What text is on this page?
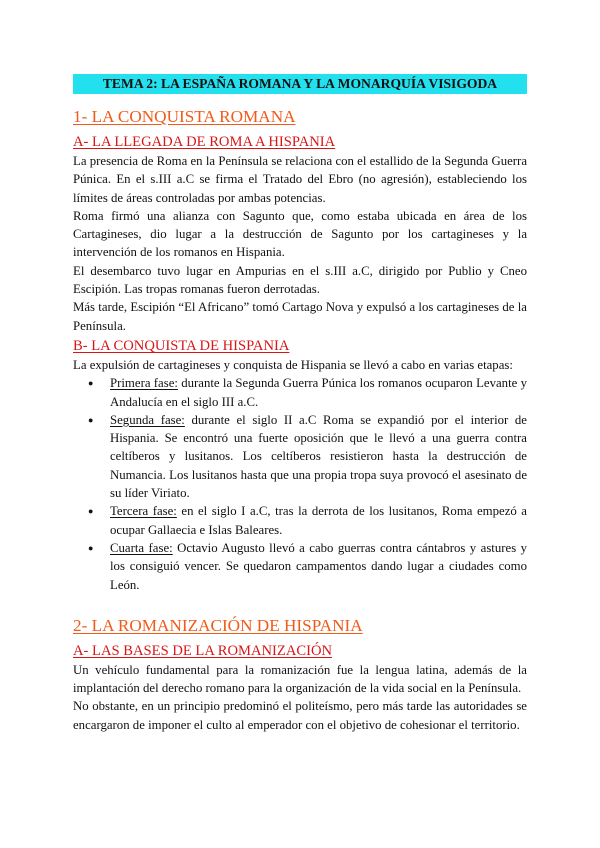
TEMA 2: LA ESPAÑA ROMANA Y LA MONARQUÍA VISIGODA
1- LA CONQUISTA ROMANA
A- LA LLEGADA DE ROMA A HISPANIA

La presencia de Roma en la Península se relaciona con el estallido de la Segunda Guerra Púnica. En el s.III a.C se firma el Tratado del Ebro (no agresión), estableciendo los límites de áreas controladas por ambas potencias.

Roma firmó una alianza con Sagunto que, como estaba ubicada en área de los Cartagineses, dio lugar a la destrucción de Sagunto por los cartagineses y la intervención de los romanos en Hispania.

El desembarco tuvo lugar en Ampurias en el s.III a.C, dirigido por Publio y Cneo Escipión. Las tropas romanas fueron derrotadas.

Más tarde, Escipión “El Africano” tomó Cartago Nova y expulsó a los cartagineses de la Península.

B- LA CONQUISTA DE HISPANIA

La expulsión de cartagineses y conquista de Hispania se llevó a cabo en varias etapas:

● Primera fase: durante la Segunda Guerra Púnica los romanos ocuparon Levante y Andalucía en el siglo III a.C.
● Segunda fase: durante el siglo II a.C Roma se expandió por el interior de Hispania. Se encontró una fuerte oposición que le llevó a una guerra contra celtíberos y lusitanos. Los celtíberos resistieron hasta la destrucción de Numancia. Los lusitanos hasta que una propia tropa suya provocó el asesinato de su líder Viriato.
● Tercera fase: en el siglo I a.C, tras la derrota de los lusitanos, Roma empezó a ocupar Gallaecia e Islas Baleares.
● Cuarta fase: Octavio Augusto llevó a cabo guerras contra cántabros y astures y los consiguió vencer. Se quedaron campamentos dando lugar a ciudades como León.
2- LA ROMANIZACIÓN DE HISPANIA
A- LAS BASES DE LA ROMANIZACIÓN

Un vehículo fundamental para la romanización fue la lengua latina, además de la implantación del derecho romano para la organización de la vida social en la Península.

No obstante, en un principio predominó el politeísmo, pero más tarde las autoridades se encargaron de imponer el culto al emperador con el objetivo de cohesionar el territorio.
